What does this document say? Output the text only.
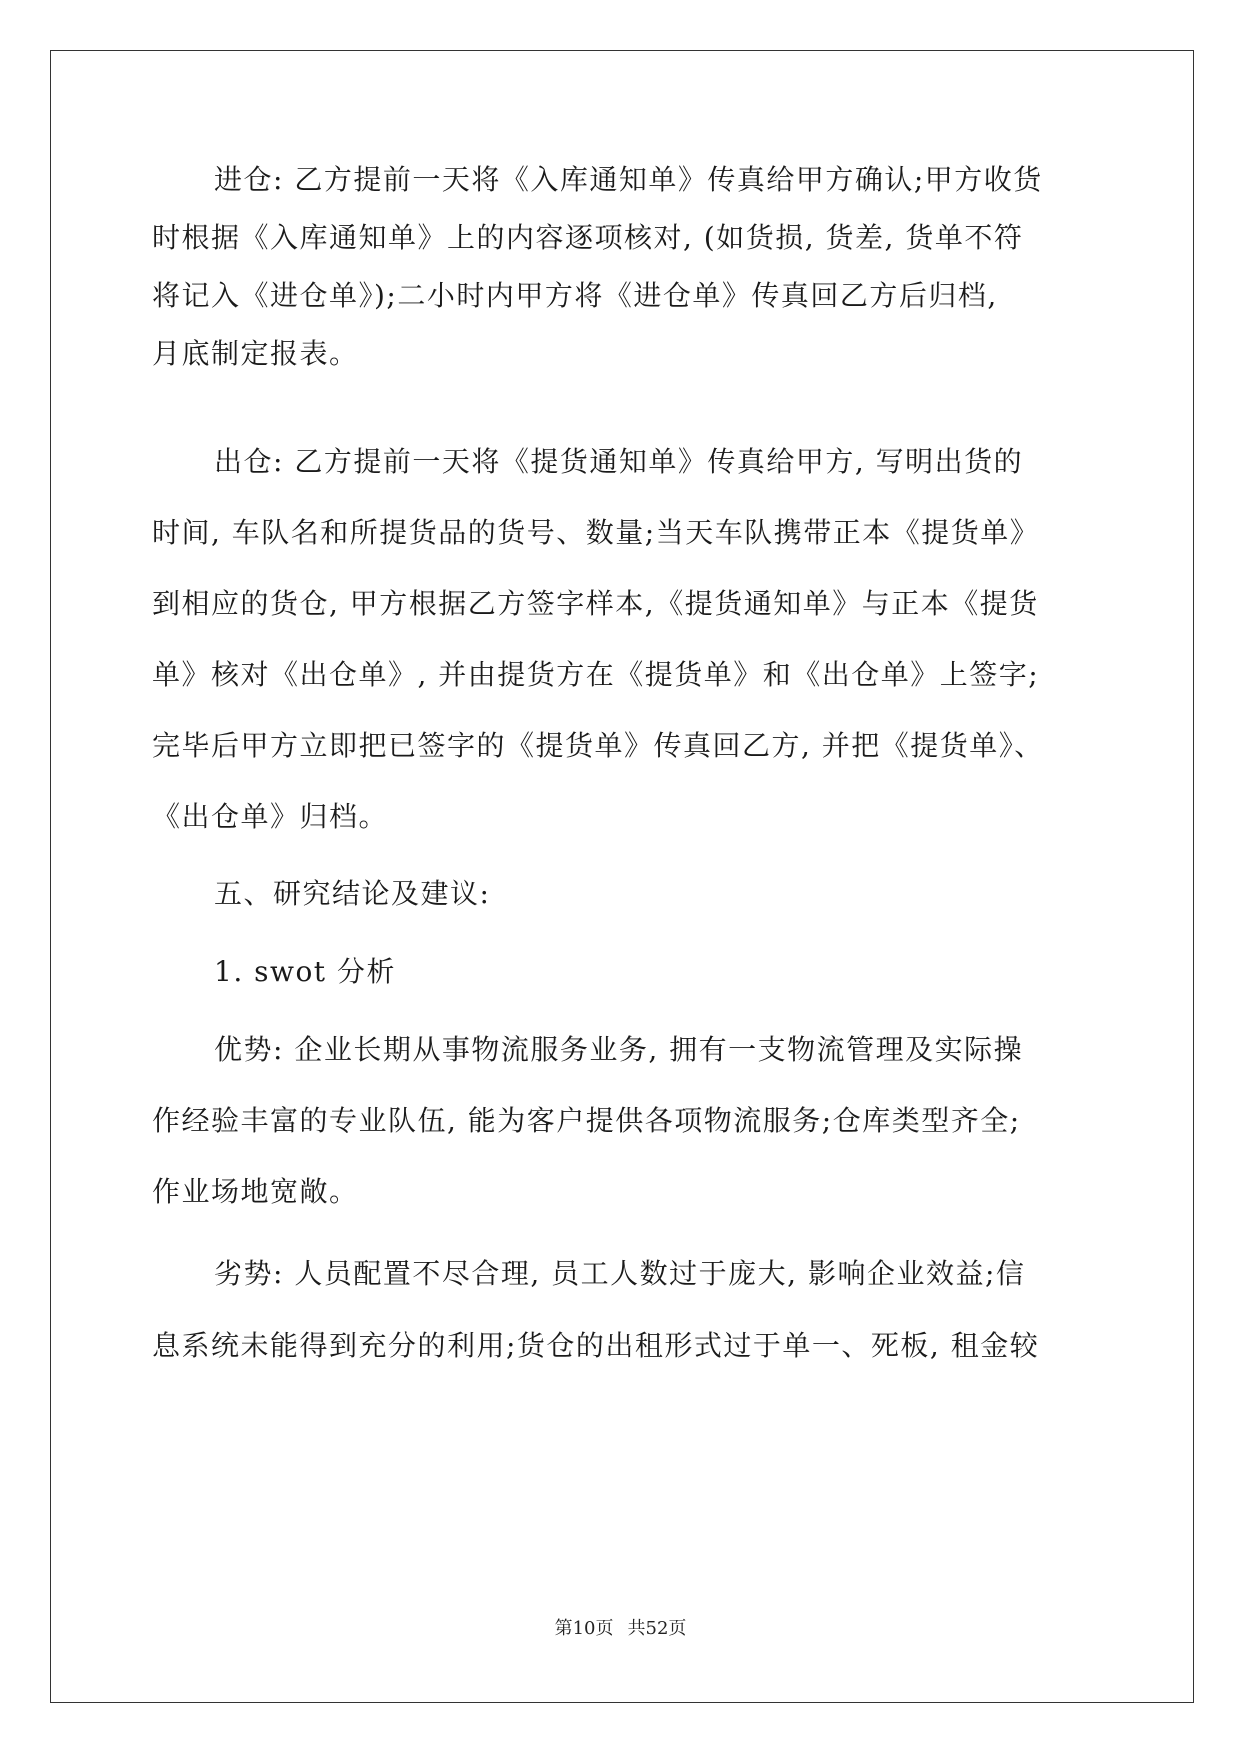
进仓: 乙方提前一天将《入库通知单》传真给甲方确认;甲方收货
时根据《入库通知单》上的内容逐项核对, (如货损, 货差, 货单不符
将记入《进仓单》);二小时内甲方将《进仓单》传真回乙方后归档,
月底制定报表。
出仓: 乙方提前一天将《提货通知单》传真给甲方, 写明出货的
时间, 车队名和所提货品的货号、数量;当天车队携带正本《提货单》
到相应的货仓, 甲方根据乙方签字样本,《提货通知单》与正本《提货
单》核对《出仓单》, 并由提货方在《提货单》和《出仓单》上签字;
完毕后甲方立即把已签字的《提货单》传真回乙方, 并把《提货单》、
《出仓单》归档。
五、研究结论及建议:
1. swot 分析
优势: 企业长期从事物流服务业务, 拥有一支物流管理及实际操
作经验丰富的专业队伍, 能为客户提供各项物流服务;仓库类型齐全;
作业场地宽敞。
劣势: 人员配置不尽合理, 员工人数过于庞大, 影响企业效益;信
息系统未能得到充分的利用;货仓的出租形式过于单一、死板, 租金较
第10页 共52页
